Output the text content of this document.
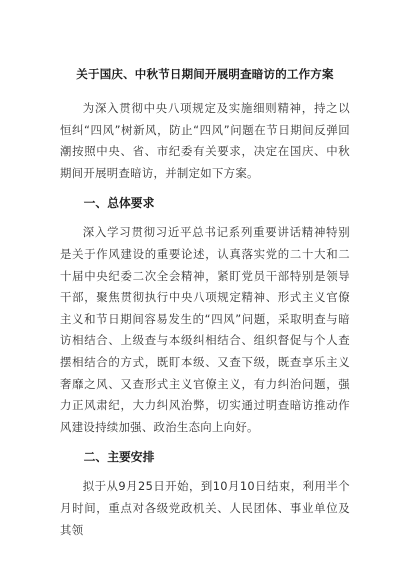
关于国庆、中秋节日期间开展明查暗访的工作方案

为深入贯彻中央八项规定及实施细则精神，持之以恒纠“四风”树新风，防止“四风”问题在节日期间反弹回潮按照中央、省、市纪委有关要求，决定在国庆、中秋期间开展明查暗访，并制定如下方案。

一、总体要求

深入学习贯彻习近平总书记系列重要讲话精神特别是关于作风建设的重要论述，认真落实党的二十大和二十届中央纪委二次全会精神，紧盯党员干部特别是领导干部，聚焦贯彻执行中央八项规定精神、形式主义官僚主义和节日期间容易发生的“四风”问题，采取明查与暗访相结合、上级查与本级纠相结合、组织督促与个人查摆相结合的方式，既盯本级、又查下级，既查享乐主义奢靡之风、又查形式主义官僚主义，有力纠治问题，强力正风肃纪，大力纠风治弊，切实通过明查暗访推动作风建设持续加强、政治生态向上向好。

二、主要安排

拟于从9月25日开始，到10月10日结束，利用半个月时间，重点对各级党政机关、人民团体、事业单位及其领
